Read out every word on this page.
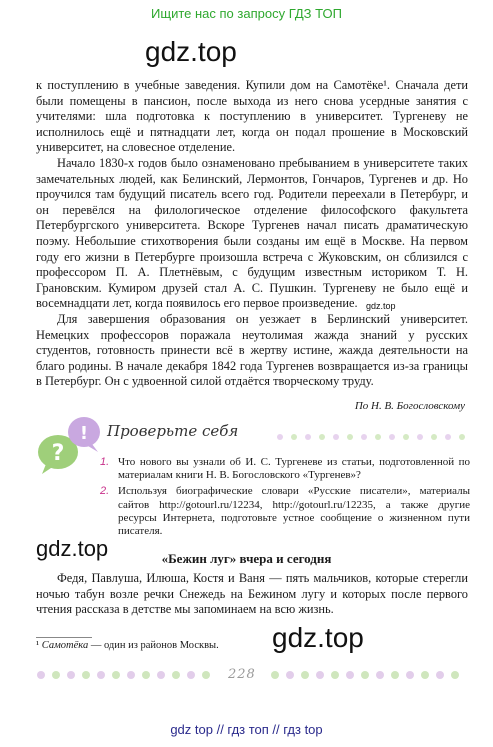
Ищите нас по запросу ГДЗ ТОП
gdz.top

к поступлению в учебные заведения. Купили дом на Самотёке¹. Сначала дети были помещены в пансион, после выхода из него снова усердные занятия с учителями: шла подготовка к поступлению в университет. Тургеневу не исполнилось ещё и пятнадцати лет, когда он подал прошение в Московский университет, на словесное отделение.

Начало 1830-х годов было ознаменовано пребыванием в университете таких замечательных людей, как Белинский, Лермонтов, Гончаров, Тургенев и др. Но проучился там будущий писатель всего год. Родители переехали в Петербург, и он перевёлся на филологическое отделение философского факультета Петербургского университета. Вскоре Тургенев начал писать драматическую поэму. Небольшие стихотворения были созданы им ещё в Москве. На первом году его жизни в Петербурге произошла встреча с Жуковским, он сблизился с профессором П. А. Плетнёвым, с будущим известным историком Т. Н. Грановским. Кумиром друзей стал А. С. Пушкин. Тургеневу не было ещё и восемнадцати лет, когда появилось его первое произведение.

Для завершения образования он уезжает в Берлинский университет. Немецких профессоров поражала неутолимая жажда знаний у русских студентов, готовность принести всё в жертву истине, жажда деятельности на благо родины. В начале декабря 1842 года Тургенев возвращается из-за границы в Петербург. Он с удвоенной силой отдаётся творческому труду.

gdz.top
По Н. В. Богословскому
?
! Проверьте себя
1. Что нового вы узнали об И. С. Тургеневе из статьи, подготовленной по материалам книги Н. В. Богословского «Тургенев»?
2. Используя биографические словари «Русские писатели», материалы сайтов http://gotourl.ru/12234, http://gotourl.ru/12235, а также другие ресурсы Интернета, подготовьте устное сообщение о жизненном пути писателя.
gdz.top	«Бежин луг» вчера и сегодня

Федя, Павлуша, Илюша, Костя и Ваня — пять мальчиков, которые стерегли ночью табун возле речки Снежедь на Бежином лугу и которых после первого чтения рассказа в детстве мы запоминаем на всю жизнь.

¹ Самотёка — один из районов Москвы. gdz.top
228
gdz top // гдз топ // гдз top
